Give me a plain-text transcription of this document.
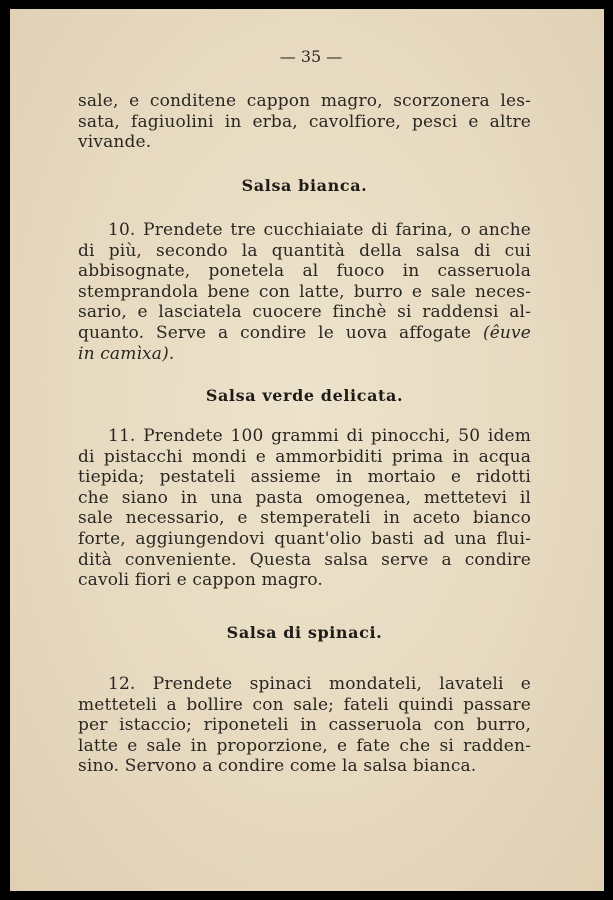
— 35 —
sale, e conditene cappon magro, scorzonera les-
sata, fagiuolini in erba, cavolfiore, pesci e altre
vivande.
Salsa bianca.
10. Prendete tre cucchiaiate di farina, o anche
di più, secondo la quantità della salsa di cui
abbisognate, ponetela al fuoco in casseruola
stemprandola bene con latte, burro e sale neces-
sario, e lasciatela cuocere finchè si raddensi al-
quanto. Serve a condire le uova affogate (êuve
in camìxa).
Salsa verde delicata.
11. Prendete 100 grammi di pinocchi, 50 idem
di pistacchi mondi e ammorbiditi prima in acqua
tiepida; pestateli assieme in mortaio e ridotti
che siano in una pasta omogenea, mettetevi il
sale necessario, e stemperateli in aceto bianco
forte, aggiungendovi quant'olio basti ad una flui-
dità conveniente. Questa salsa serve a condire
cavoli fiori e cappon magro.
Salsa di spinaci.
12. Prendete spinaci mondateli, lavateli e
metteteli a bollire con sale; fateli quindi passare
per istaccio; riponeteli in casseruola con burro,
latte e sale in proporzione, e fate che si radden-
sino. Servono a condire come la salsa bianca.
